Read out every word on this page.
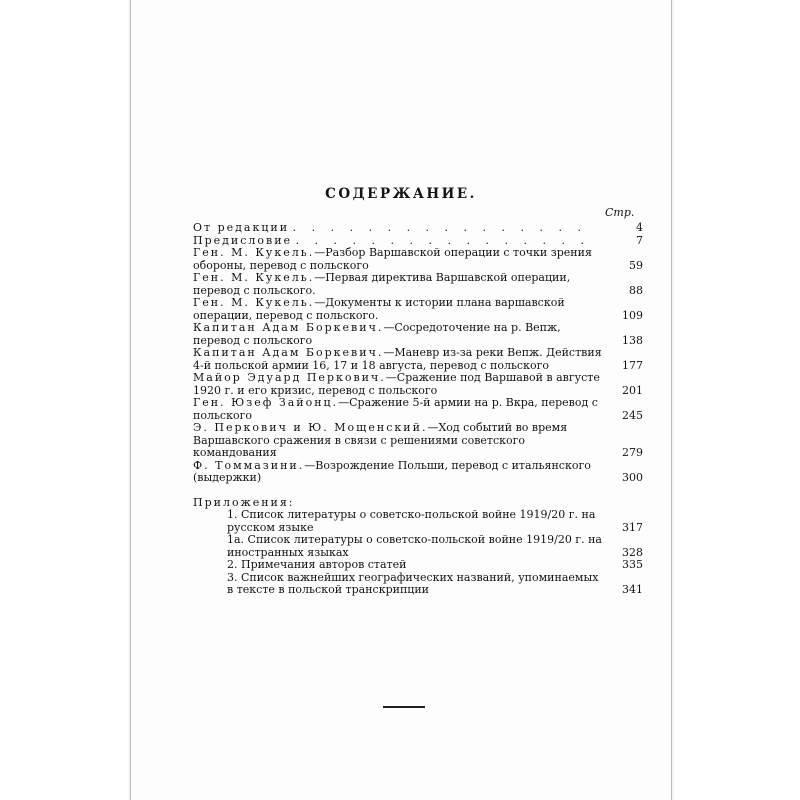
СОДЕРЖАНИЕ.
Стр.
От редакции . . . . . . . . . . . . . . . .	4
Предисловие . . . . . . . . . . . . . . . .	7
Ген. М. Кукель.—Разбор Варшавской операции с точки зрения обороны, перевод с польского	59
Ген. М. Кукель.—Первая директива Варшавской операции, перевод с польского.	88
Ген. М. Кукель.—Документы к истории плана варшавской операции, перевод с польского.	109
Капитан Адам Боркевич.—Сосредоточение на р. Вепж, перевод с польского	138
Капитан Адам Боркевич.—Маневр из-за реки Вепж. Действия 4-й польской армии 16, 17 и 18 августа, перевод с польского	177
Майор Эдуард Перкович.—Сражение под Варшавой в августе 1920 г. и его кризис, перевод с польского	201
Ген. Юзеф Зайонц.—Сражение 5-й армии на р. Вкра, перевод с польского	245
Э. Перкович и Ю. Мощенский.—Ход событий во время Варшавского сражения в связи с решениями советского командования	279
Ф. Томмазини.—Возрождение Польши, перевод с итальянского (выдержки)	300
Приложения:
1. Список литературы о советско-польской войне 1919/20 г. на русском языке	317
1а. Список литературы о советско-польской войне 1919/20 г. на иностранных языках	328
2. Примечания авторов статей	335
3. Список важнейших географических названий, упоминаемых в тексте в польской транскрипции	341
